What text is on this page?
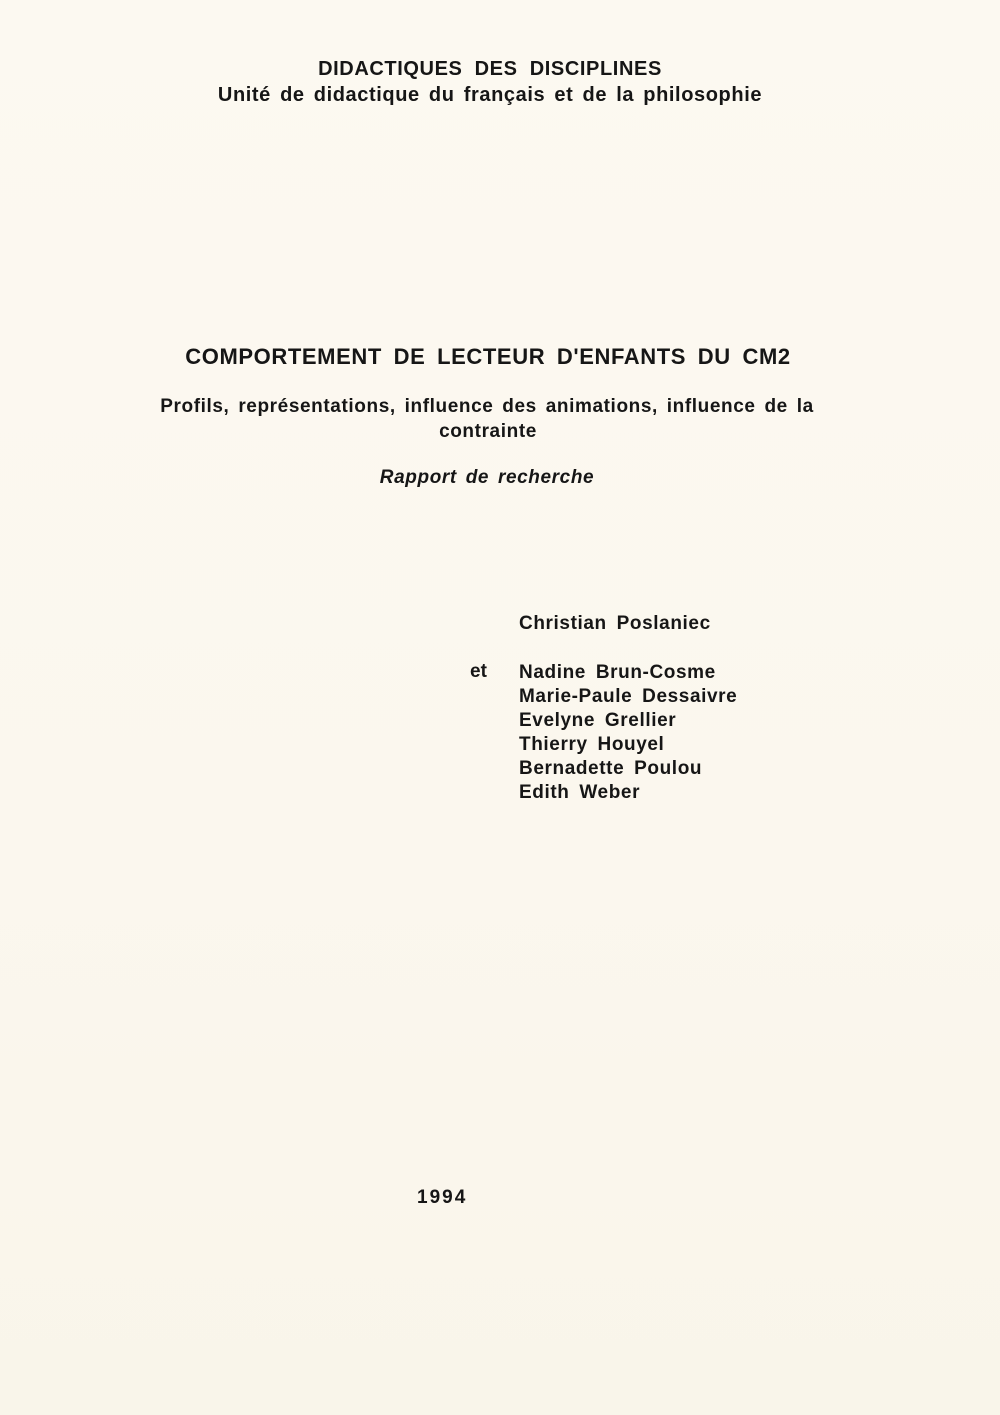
DIDACTIQUES DES DISCIPLINES
Unité de didactique du français et de la philosophie
COMPORTEMENT DE LECTEUR D'ENFANTS DU CM2
Profils, représentations, influence des animations, influence de la
contrainte
Rapport de recherche
Christian Poslaniec
et Nadine Brun-Cosme
Marie-Paule Dessaivre
Evelyne Grellier
Thierry Houyel
Bernadette Poulou
Edith Weber
1994
